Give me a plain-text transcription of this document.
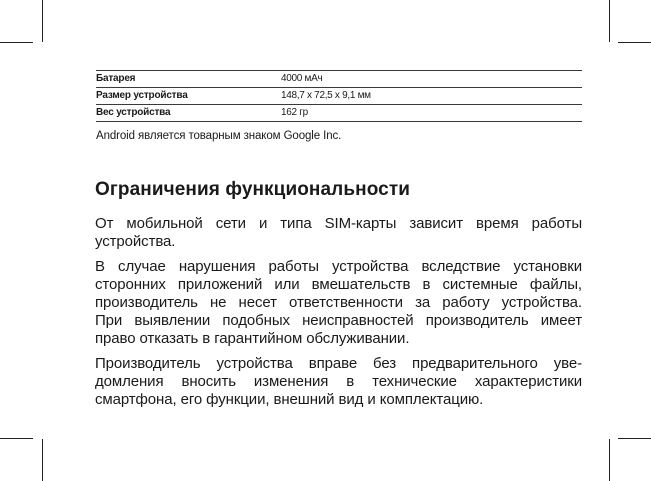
Батарея	4000 мАч
Размер устройства	148,7 х 72,5 х 9,1 мм
Вес устройства	162 гр
Android является товарным знаком Google Inc.
Ограничения функциональности

От мобильной сети и типа SIM-карты зависит время работы
устройства.

В случае нарушения работы устройства вследствие установки
сторонних приложений или вмешательств в системные файлы,
производитель не несет ответственности за работу устройства.
При выявлении подобных неисправностей производитель имеет
право отказать в гарантийном обслуживании.

Производитель устройства вправе без предварительного уве-
домления вносить изменения в технические характеристики
смартфона, его функции, внешний вид и комплектацию.
